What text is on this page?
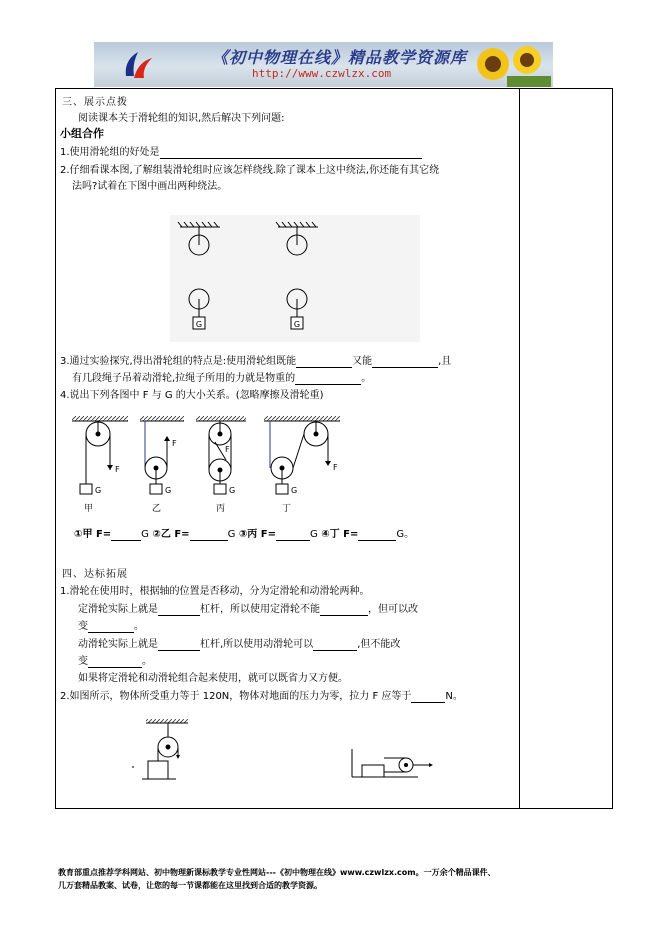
《初中物理在线》精品教学资源库
http://www.czwlzx.com
三、展示点拨
阅读课本关于滑轮组的知识,然后解决下列问题:
小组合作
1.使用滑轮组的好处是
2.仔细看课本图,了解组装滑轮组时应该怎样绕线.除了课本上这中绕法,你还能有其它绕
法吗?试着在下图中画出两种绕法。
G	G
3.通过实验探究,得出滑轮组的特点是:使用滑轮组既能	又能	,且
有几段绳子吊着动滑轮,拉绳子所用的力就是物重的	。
4.说出下列各图中 F 与 G 的大小关系。(忽略摩擦及滑轮重)
F
G
甲
F
G
乙
F
G
丙
F
G
丁
①甲 F=	G ②乙 F=	G ③丙 F=	G ④丁 F=	G。
四、达标拓展
1.滑轮在使用时，根据轴的位置是否移动，分为定滑轮和动滑轮两种。
定滑轮实际上就是	杠杆，所以使用定滑轮不能	，但可以改
变	。
动滑轮实际上就是	杠杆,所以使用动滑轮可以	,但不能改
变	。
如果将定滑轮和动滑轮组合起来使用，就可以既省力又方便。
2.如图所示，物体所受重力等于 120N，物体对地面的压力为零，拉力 F 应等于	N。
教育部重点推荐学科网站、初中物理新课标教学专业性网站---《初中物理在线》www.czwlzx.com。一万余个精品课件、
几万套精品教案、试卷，让您的每一节课都能在这里找到合适的教学资源。
